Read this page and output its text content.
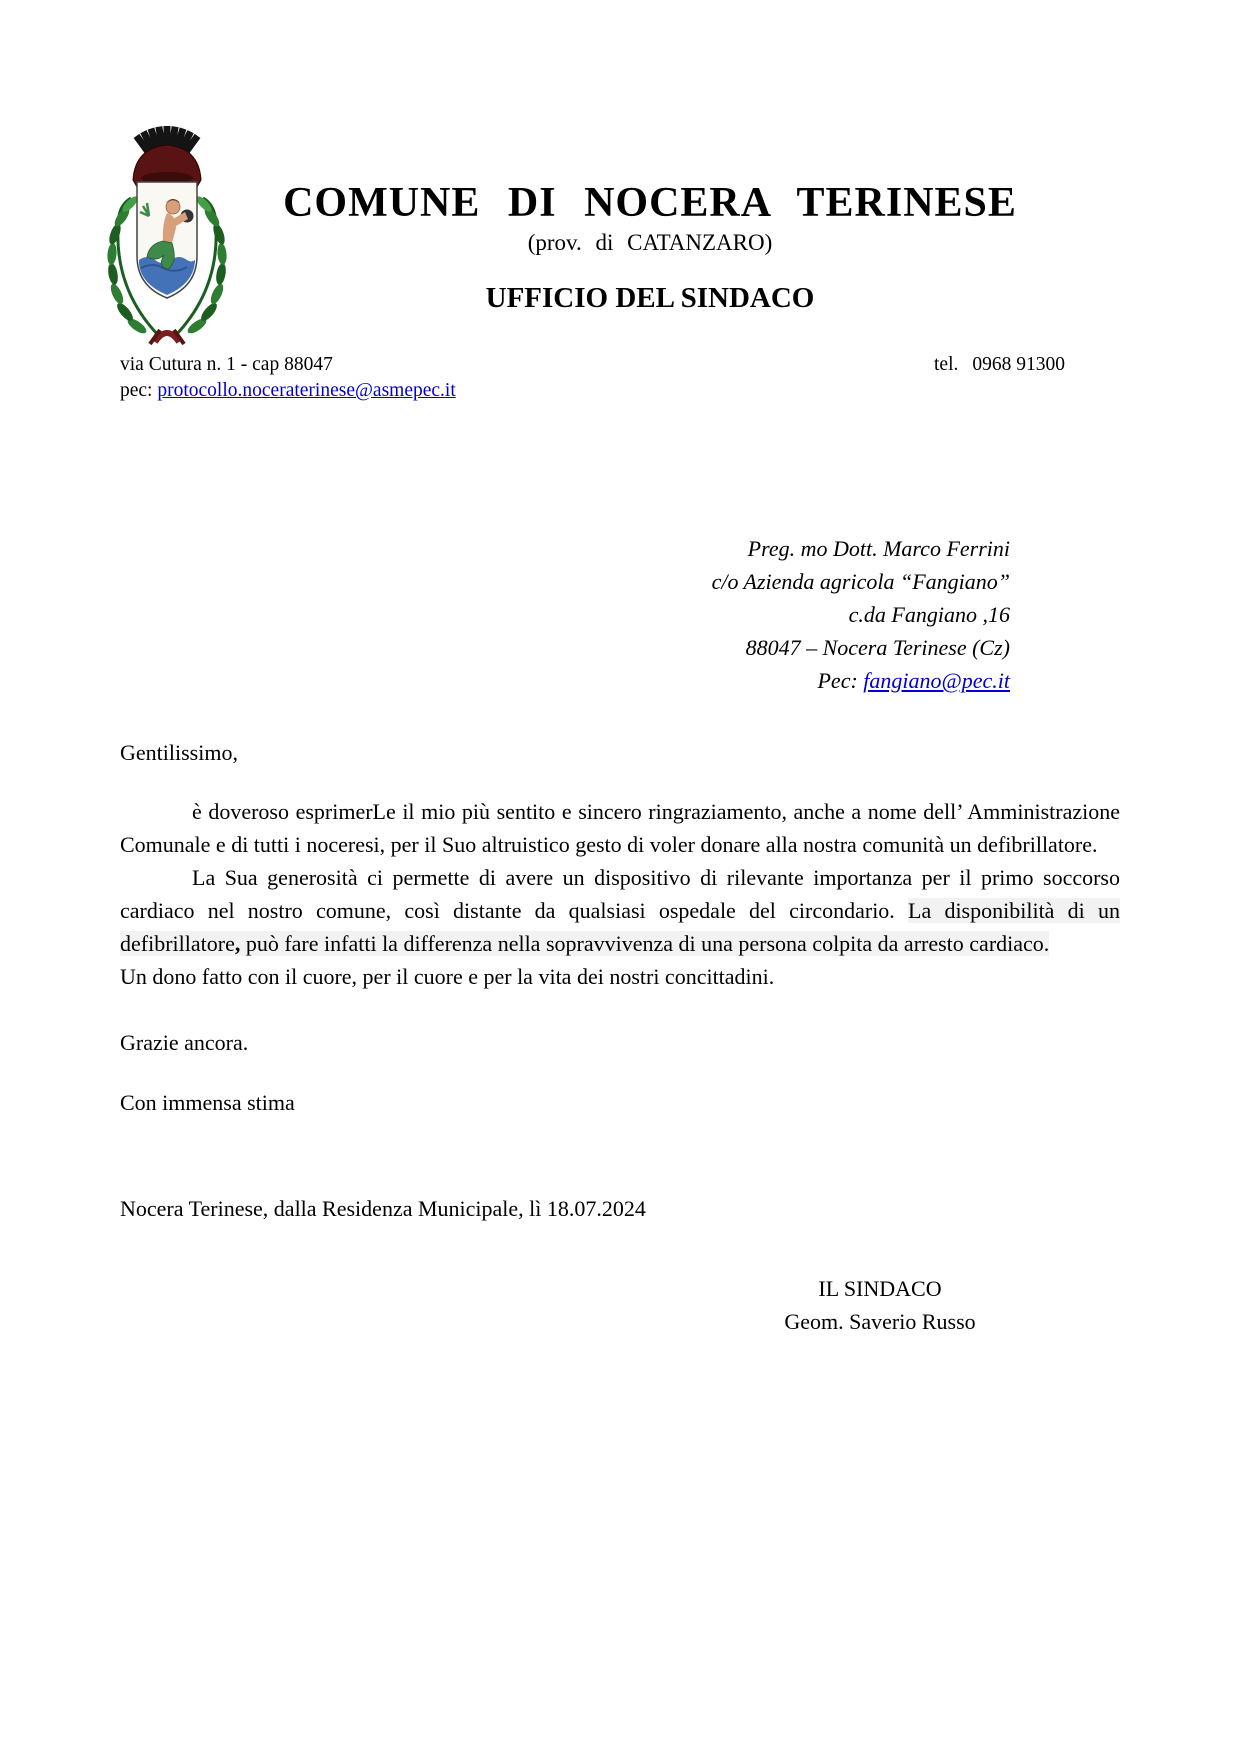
COMUNE DI NOCERA TERINESE
(prov. di CATANZARO)
UFFICIO DEL SINDACO
via Cutura n. 1 - cap 88047	tel. 0968 91300
pec: protocollo.noceraterinese@asmepec.it
Preg. mo Dott. Marco Ferrini
c/o Azienda agricola “Fangiano”
c.da Fangiano ,16
88047 – Nocera Terinese (Cz)
Pec: fangiano@pec.it

Gentilissimo,

è doveroso esprimerLe il mio più sentito e sincero ringraziamento, anche a nome dell’ Amministrazione Comunale e di tutti i noceresi, per il Suo altruistico gesto di voler donare alla nostra comunità un defibrillatore.

La Sua generosità ci permette di avere un dispositivo di rilevante importanza per il primo soccorso cardiaco nel nostro comune, così distante da qualsiasi ospedale del circondario. La disponibilità di un defibrillatore, può fare infatti la differenza nella sopravvivenza di una persona colpita da arresto cardiaco.

Un dono fatto con il cuore, per il cuore e per la vita dei nostri concittadini.

Grazie ancora.

Con immensa stima

Nocera Terinese, dalla Residenza Municipale, lì 18.07.2024

IL SINDACO
Geom. Saverio Russo
